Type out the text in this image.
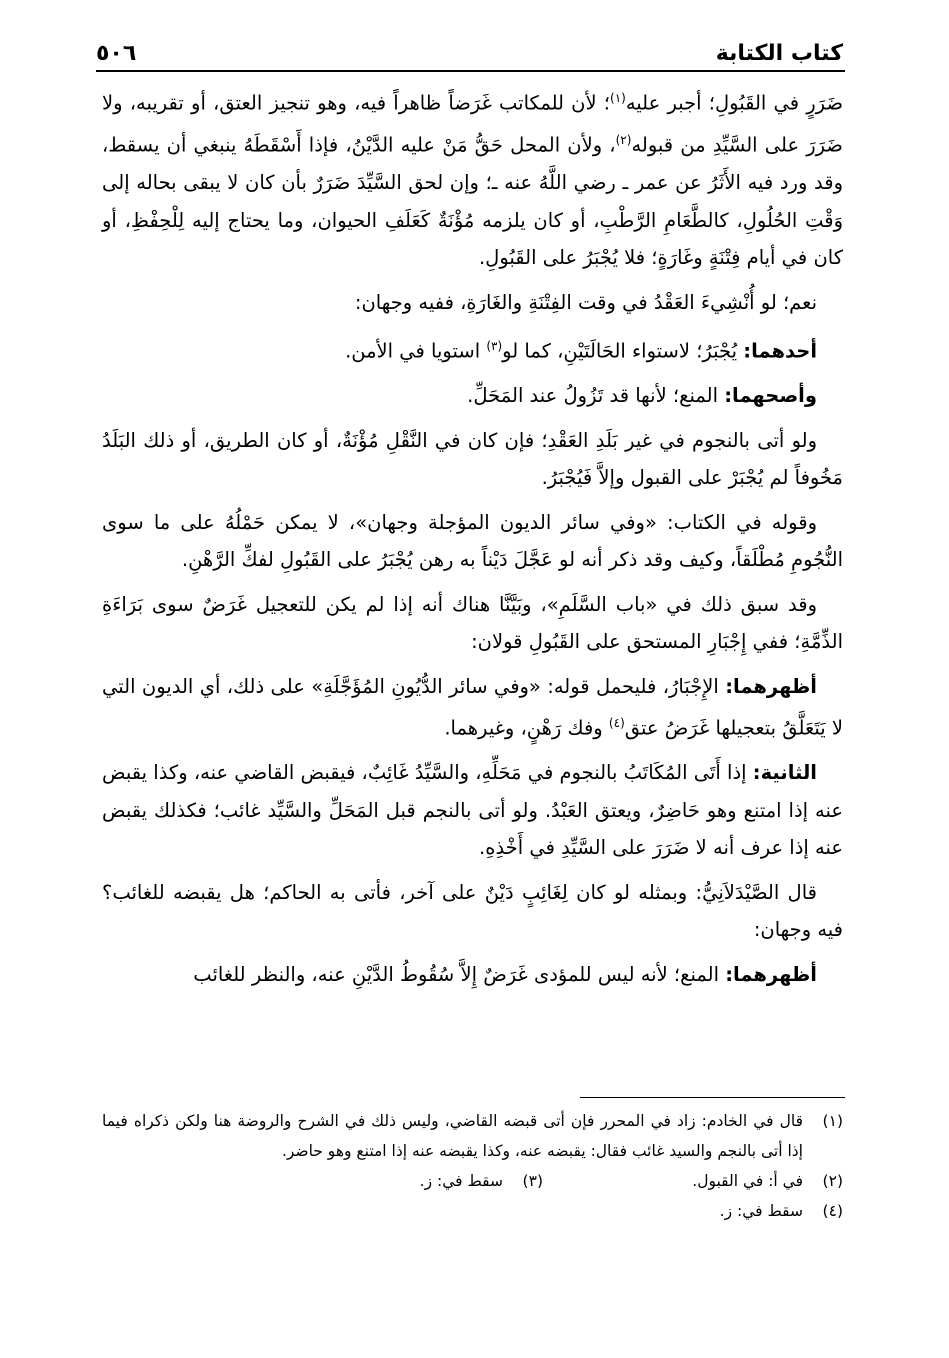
كتاب الكتابة
٥٠٦

ضَرَرٍ في القَبُولِ؛ أجبر عليه$^{(١)}$؛ لأن للمكاتب غَرَضاً ظاهراً فيه، وهو تنجيز العتق، أو تقريبه، ولا ضَرَرَ على السَّيِّدِ من قبوله$^{(٢)}$، ولأن المحل حَقُّ مَنْ عليه الدَّيْنُ، فإذا أَسْقَطَهُ ينبغي أن يسقط، وقد ورد فيه الأَثَرُ عن عمر ـ رضي اللَّهُ عنه ـ؛ وإن لحق السَّيِّدَ ضَرَرٌ بأن كان لا يبقى بحاله إلى وَقْتِ الحُلُولِ، كالطَّعَامِ الرَّطْبِ، أو كان يلزمه مُؤْنَةٌ كَعَلَفِ الحيوان، وما يحتاج إليه لِلْحِفْظِ، أو كان في أيام فِتْنَةٍ وغَارَةٍ؛ فلا يُجْبَرُ على القَبُولِ.

نعم؛ لو أُنْشِيءَ العَقْدُ في وقت الفِتْنَةِ والغَارَةِ، ففيه وجهان:

أحدهما: يُجْبَرُ؛ لاستواء الحَالَتَيْنِ، كما لو$^{(٣)}$ استويا في الأمن.

وأصحهما: المنع؛ لأنها قد تَزُولُ عند المَحَلِّ.

ولو أتى بالنجوم في غير بَلَدِ العَقْدِ؛ فإن كان في النَّقْلِ مُؤْنَةٌ، أو كان الطريق، أو ذلك البَلَدُ مَخُوفاً لم يُجْبَرْ على القبول وإلاَّ فَيُجْبَرُ.

وقوله في الكتاب: «وفي سائر الديون المؤجلة وجهان»، لا يمكن حَمْلُهُ على ما سوى النُّجُومِ مُطْلَقاً، وكيف وقد ذكر أنه لو عَجَّلَ دَيْناً به رهن يُجْبَرُ على القَبُولِ لفكِّ الرَّهْنِ.

وقد سبق ذلك في «باب السَّلَمِ»، وبَيَّنَّا هناك أنه إذا لم يكن للتعجيل غَرَضٌ سوى بَرَاءَةِ الذِّمَّةِ؛ ففي إِجْبَارِ المستحق على القَبُولِ قولان:

أظهرهما: الإِجْبَارُ، فليحمل قوله: «وفي سائر الدُّيُونِ المُؤَجَّلَةِ» على ذلك، أي الديون التي لا يَتَعَلَّقُ بتعجيلها غَرَضُ عتق$^{(٤)}$ وفك رَهْنٍ، وغيرهما.

الثانية: إذا أَتَى المُكَاتَبُ بالنجوم في مَحَلِّهِ، والسَّيِّدُ غَائِبٌ، فيقبض القاضي عنه، وكذا يقبض عنه إذا امتنع وهو حَاضِرٌ، ويعتق العَبْدُ. ولو أتى بالنجم قبل المَحَلِّ والسَّيِّد غائب؛ فكذلك يقبض عنه إذا عرف أنه لا ضَرَرَ على السَّيِّدِ في أَخْذِهِ.

قال الصَّيْدَلاَنِيُّ: وبمثله لو كان لِغَائِبٍ دَيْنٌ على آخر، فأتى به الحاكم؛ هل يقبضه للغائب؟ فيه وجهان:

أظهرهما: المنع؛ لأنه ليس للمؤدى غَرَضٌ إِلاَّ سُقُوطُ الدَّيْنِ عنه، والنظر للغائب

(١)
قال في الخادم: زاد في المحرر فإن أتى قبضه القاضي، وليس ذلك في الشرح والروضة هنا ولكن ذكراه فيما إذا أتى بالنجم والسيد غائب فقال: يقبضه عنه، وكذا يقبضه عنه إذا امتنع وهو حاضر.
(٢)
في أ: في القبول.
(٣)
سقط في: ز.
(٤)
سقط في: ز.
